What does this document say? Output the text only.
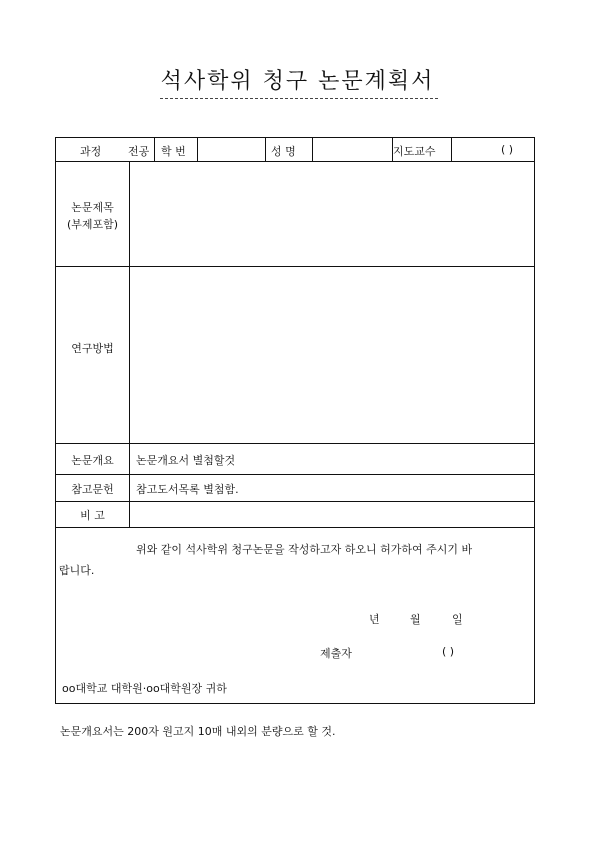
석사학위 청구 논문계획서
과정 전공 학 번	성 명	지도교수	( )
논문제목
(부제포함)
연구방법
논문개요	논문개요서 별첨할것
참고문헌	참고도서목록 별첨함.
비 고
위와 같이 석사학위 청구논문을 작성하고자 하오니 허가하여 주시기 바
랍니다.
년	월	일
제출자	( )
oo대학교 대학원·oo대학원장 귀하
논문개요서는 200자 원고지 10매 내외의 분량으로 할 것.
